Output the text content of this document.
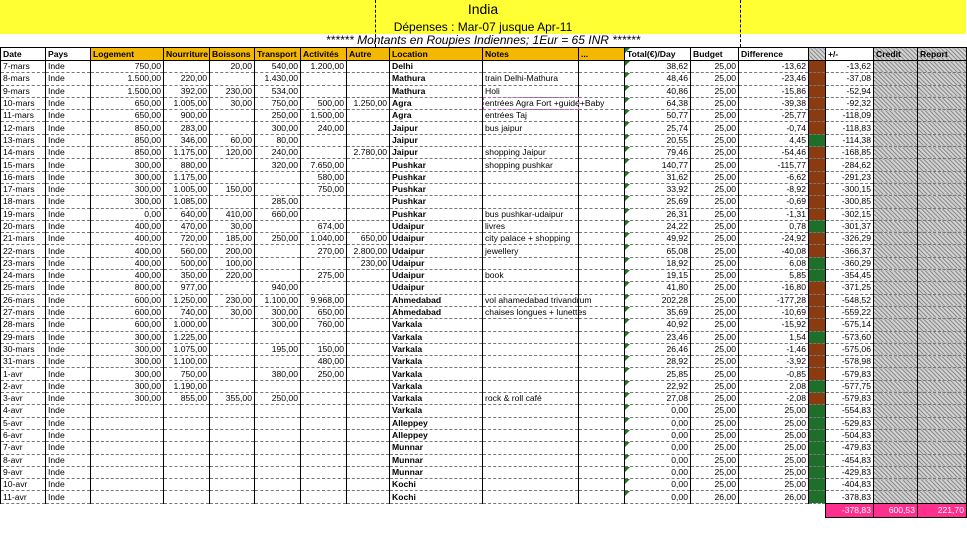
India
Dépenses : Mar-07 jusque Apr-11
****** Montants en Roupies Indiennes; 1Eur = 65 INR ******
Date	Pays	Logement	Nourriture	Boissons	Transport	Activités	Autre	Location	Notes	...	Total(€)/Day	Budget	Difference		+/-	Credit	Report
7-mars	Inde	750,00		20,00	540,00	1.200,00		Delhi			38,62	25,00	-13,62		-13,62		
8-mars	Inde	1.500,00	220,00		1.430,00			Mathura	train Delhi-Mathura		48,46	25,00	-23,46		-37,08		
9-mars	Inde	1.500,00	392,00	230,00	534,00			Mathura	Holi		40,86	25,00	-15,86		-52,94		
10-mars	Inde	650,00	1.005,00	30,00	750,00	500,00	1.250,00	Agra	entrées Agra Fort +guide+Baby		64,38	25,00	-39,38		-92,32		
11-mars	Inde	650,00	900,00		250,00	1.500,00		Agra	entrées Taj		50,77	25,00	-25,77		-118,09		
12-mars	Inde	850,00	283,00		300,00	240,00		Jaipur	bus jaipur		25,74	25,00	-0,74		-118,83		
13-mars	Inde	850,00	346,00	60,00	80,00			Jaipur			20,55	25,00	4,45		-114,38		
14-mars	Inde	850,00	1.175,00	120,00	240,00		2.780,00	Jaipur	shopping Jaipur		79,46	25,00	-54,46		-168,85		
15-mars	Inde	300,00	880,00		320,00	7.650,00		Pushkar	shopping pushkar		140,77	25,00	-115,77		-284,62		
16-mars	Inde	300,00	1.175,00			580,00		Pushkar			31,62	25,00	-6,62		-291,23		
17-mars	Inde	300,00	1.005,00	150,00		750,00		Pushkar			33,92	25,00	-8,92		-300,15		
18-mars	Inde	300,00	1.085,00		285,00			Pushkar			25,69	25,00	-0,69		-300,85		
19-mars	Inde	0,00	640,00	410,00	660,00			Pushkar	bus pushkar-udaipur		26,31	25,00	-1,31		-302,15		
20-mars	Inde	400,00	470,00	30,00		674,00		Udaipur	livres		24,22	25,00	0,78		-301,37		
21-mars	Inde	400,00	720,00	185,00	250,00	1.040,00	650,00	Udaipur	city palace + shopping		49,92	25,00	-24,92		-326,29		
22-mars	Inde	400,00	560,00	200,00		270,00	2.800,00	Udaipur	jewellery		65,08	25,00	-40,08		-366,37		
23-mars	Inde	400,00	500,00	100,00			230,00	Udaipur			18,92	25,00	6,08		-360,29		
24-mars	Inde	400,00	350,00	220,00		275,00		Udaipur	book		19,15	25,00	5,85		-354,45		
25-mars	Inde	800,00	977,00		940,00			Udaipur			41,80	25,00	-16,80		-371,25		
26-mars	Inde	600,00	1.250,00	230,00	1.100,00	9.968,00		Ahmedabad	vol ahamedabad trivandrum		202,28	25,00	-177,28		-548,52		
27-mars	Inde	600,00	740,00	30,00	300,00	650,00		Ahmedabad	chaises longues + lunettes		35,69	25,00	-10,69		-559,22		
28-mars	Inde	600,00	1.000,00		300,00	760,00		Varkala			40,92	25,00	-15,92		-575,14		
29-mars	Inde	300,00	1.225,00					Varkala			23,46	25,00	1,54		-573,60		
30-mars	Inde	300,00	1.075,00		195,00	150,00		Varkala			26,46	25,00	-1,46		-575,06		
31-mars	Inde	300,00	1.100,00			480,00		Varkala			28,92	25,00	-3,92		-578,98		
1-avr	Inde	300,00	750,00		380,00	250,00		Varkala			25,85	25,00	-0,85		-579,83		
2-avr	Inde	300,00	1.190,00					Varkala			22,92	25,00	2,08		-577,75		
3-avr	Inde	300,00	855,00	355,00	250,00			Varkala	rock & roll café		27,08	25,00	-2,08		-579,83		
4-avr	Inde							Varkala			0,00	25,00	25,00		-554,83		
5-avr	Inde							Alleppey			0,00	25,00	25,00		-529,83		
6-avr	Inde							Alleppey			0,00	25,00	25,00		-504,83		
7-avr	Inde							Munnar			0,00	25,00	25,00		-479,83		
8-avr	Inde							Munnar			0,00	25,00	25,00		-454,83		
9-avr	Inde							Munnar			0,00	25,00	25,00		-429,83		
10-avr	Inde							Kochi			0,00	25,00	25,00		-404,83		
11-avr	Inde							Kochi			0,00	26,00	26,00		-378,83		
															-378,83	600,53	221,70
